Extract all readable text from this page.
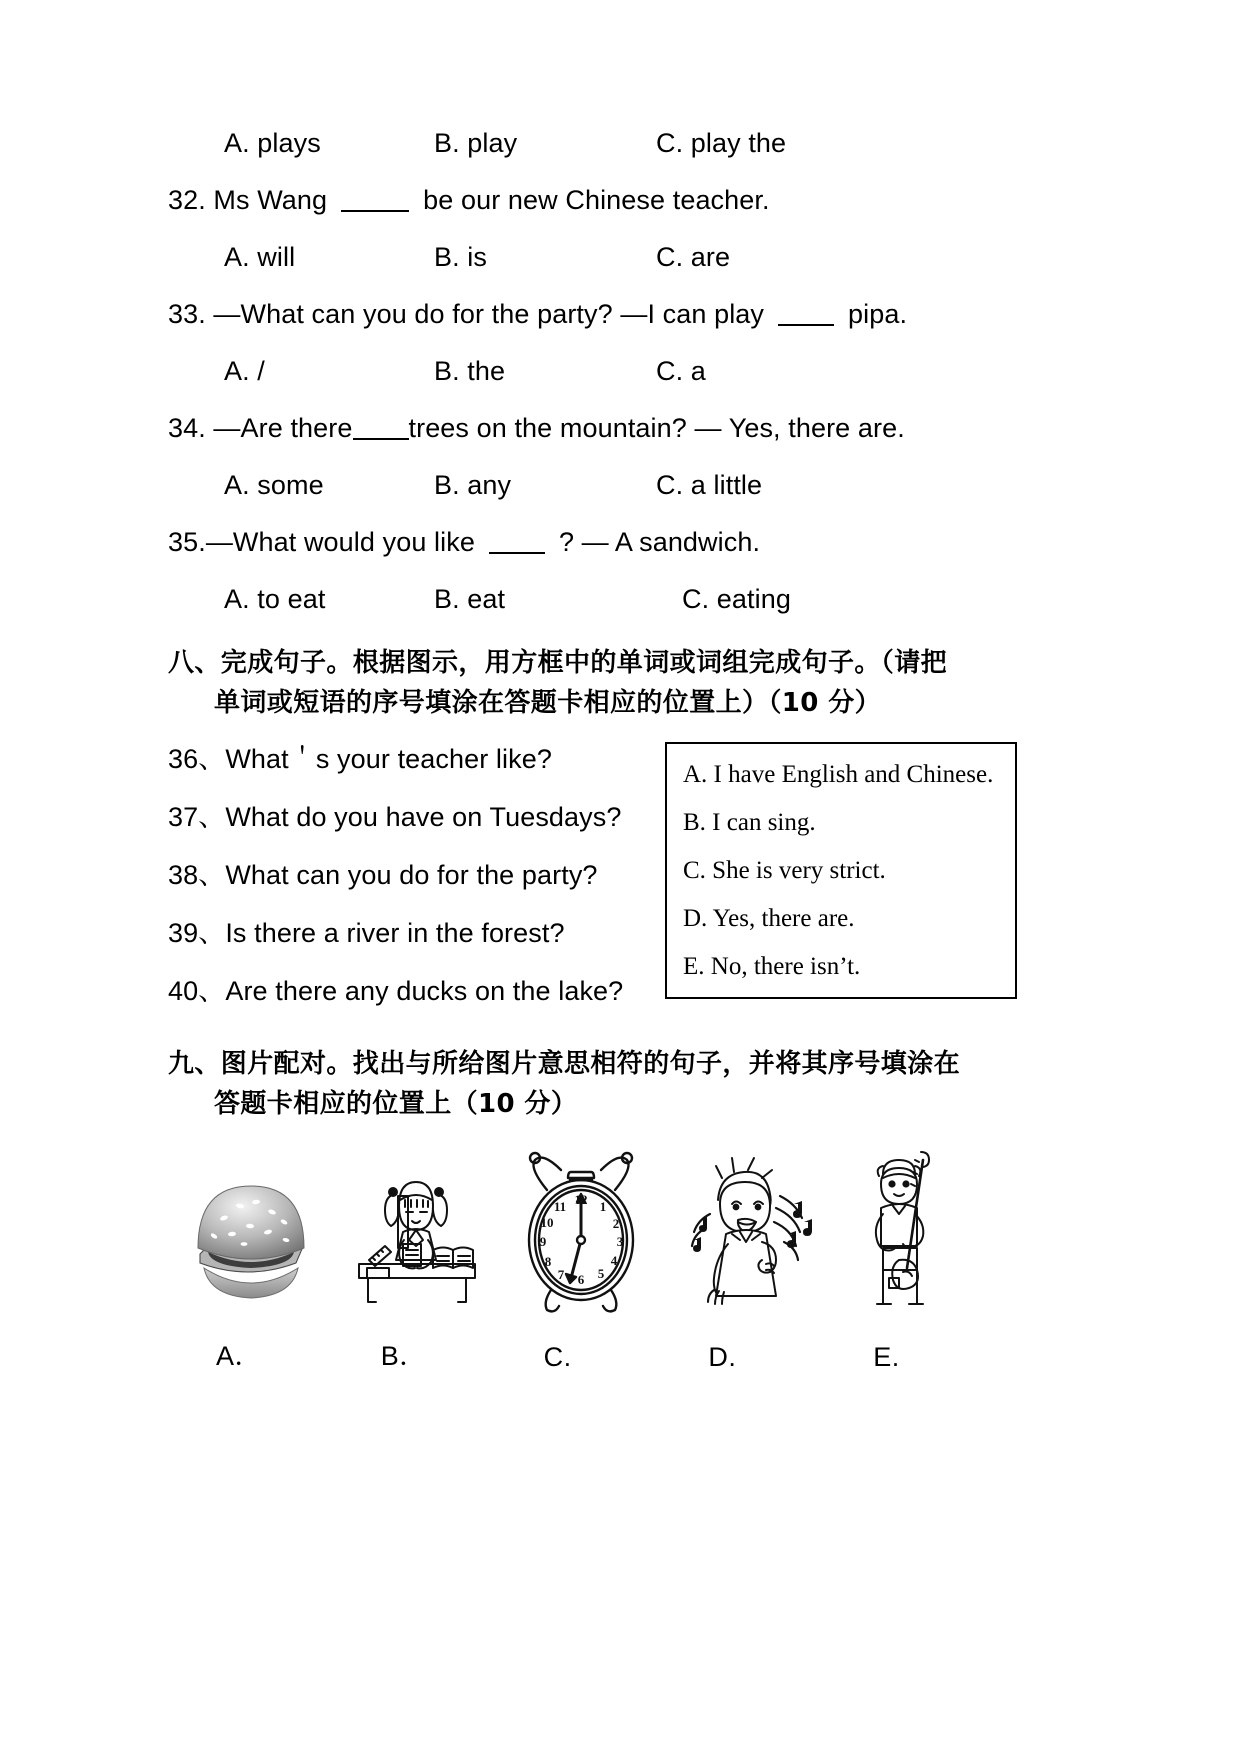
A. plays	B. play	C. play the
32. Ms Wang	be our new Chinese teacher.
A. will	B. is	C. are
33. —What can you do for the party? —I can play	pipa.
A. /	B. the	C. a
34. —Are there trees on the mountain? — Yes, there are.
A. some	B. any	C. a little
35.—What would you like	? — A sandwich.
A. to eat	B. eat	C. eating
八、完成句子。根据图示，用方框中的单词或词组完成句子。（请把
单词或短语的序号填涂在答题卡相应的位置上）（10 分）
36、What＇s your teacher like?
37、What do you have on Tuesdays?
38、What can you do for the party?
39、Is there a river in the forest?
40、Are there any ducks on the lake?
A. I have English and Chinese.
B. I can sing.
C. She is very strict.
D. Yes, there are.
E. No, there isn’t.
九、图片配对。找出与所给图片意思相符的句子，并将其序号填涂在
答题卡相应的位置上（10 分）
A．	B．
12 1
2
3
4
5
6
7
8
9
10
11
C.	D.	E.
